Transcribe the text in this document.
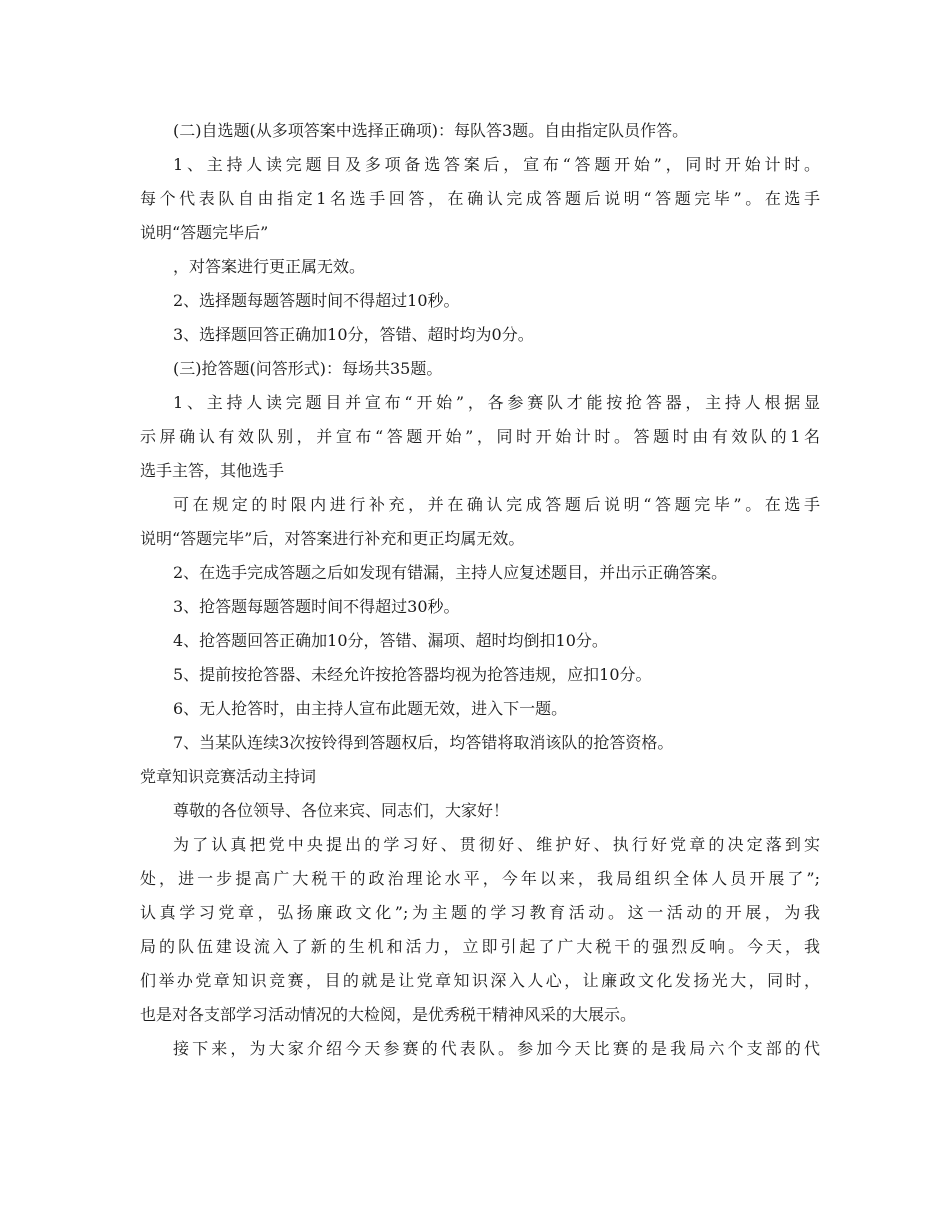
(二)自选题(从多项答案中选择正确项)：每队答3题。自由指定队员作答。
1、主持人读完题目及多项备选答案后，宣布“答题开始”，同时开始计时。
每个代表队自由指定1名选手回答，在确认完成答题后说明“答题完毕”。在选手
说明“答题完毕后”
，对答案进行更正属无效。
2、选择题每题答题时间不得超过10秒。
3、选择题回答正确加10分，答错、超时均为0分。
(三)抢答题(问答形式)：每场共35题。
1、主持人读完题目并宣布“开始”，各参赛队才能按抢答器，主持人根据显
示屏确认有效队别，并宣布“答题开始”，同时开始计时。答题时由有效队的1名
选手主答，其他选手
可在规定的时限内进行补充，并在确认完成答题后说明“答题完毕”。在选手
说明“答题完毕”后，对答案进行补充和更正均属无效。
2、在选手完成答题之后如发现有错漏，主持人应复述题目，并出示正确答案。
3、抢答题每题答题时间不得超过30秒。
4、抢答题回答正确加10分，答错、漏项、超时均倒扣10分。
5、提前按抢答器、未经允许按抢答器均视为抢答违规，应扣10分。
6、无人抢答时，由主持人宣布此题无效，进入下一题。
7、当某队连续3次按铃得到答题权后，均答错将取消该队的抢答资格。
党章知识竞赛活动主持词
尊敬的各位领导、各位来宾、同志们，大家好！
为了认真把党中央提出的学习好、贯彻好、维护好、执行好党章的决定落到实
处，进一步提高广大税干的政治理论水平，今年以来，我局组织全体人员开展了”;
认真学习党章，弘扬廉政文化”;为主题的学习教育活动。这一活动的开展，为我
局的队伍建设流入了新的生机和活力，立即引起了广大税干的强烈反响。今天，我
们举办党章知识竞赛，目的就是让党章知识深入人心，让廉政文化发扬光大，同时，
也是对各支部学习活动情况的大检阅，是优秀税干精神风采的大展示。
接下来，为大家介绍今天参赛的代表队。参加今天比赛的是我局六个支部的代
